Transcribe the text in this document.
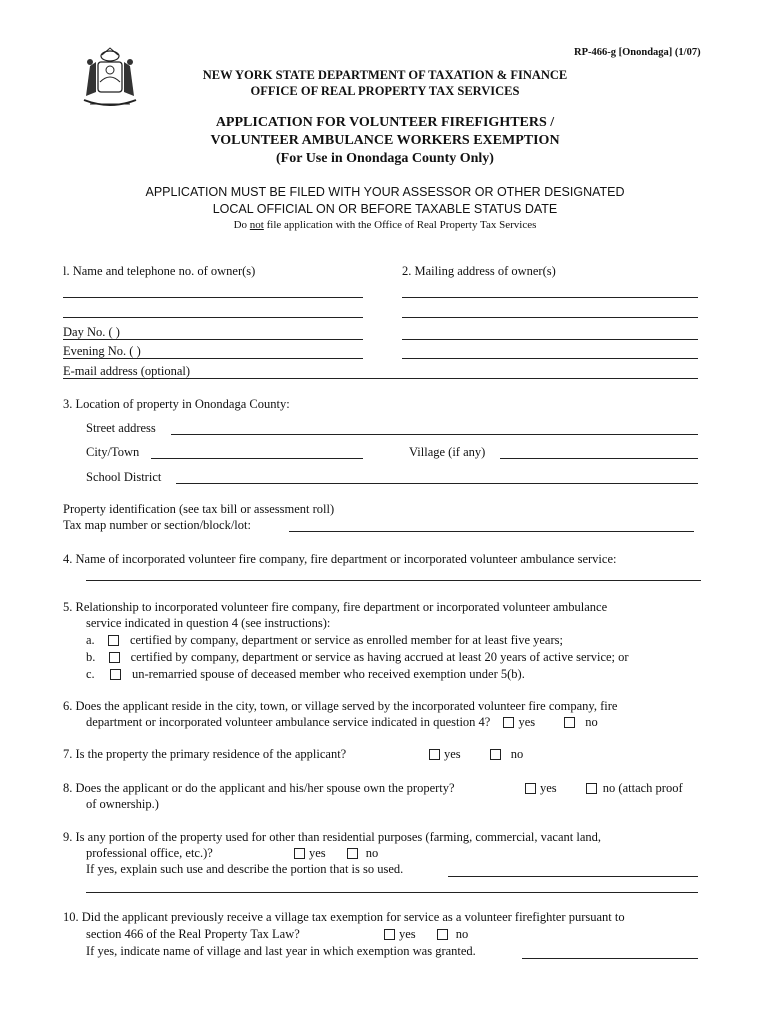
RP-466-g [Onondaga] (1/07)
NEW YORK STATE DEPARTMENT OF TAXATION & FINANCE
OFFICE OF REAL PROPERTY TAX SERVICES
APPLICATION FOR VOLUNTEER FIREFIGHTERS /
VOLUNTEER AMBULANCE WORKERS EXEMPTION
(For Use in Onondaga County Only)
APPLICATION MUST BE FILED WITH YOUR ASSESSOR OR OTHER DESIGNATED
LOCAL OFFICIAL ON OR BEFORE TAXABLE STATUS DATE
Do not file application with the Office of Real Property Tax Services
l. Name and telephone no. of owner(s)	2. Mailing address of owner(s)
Day No. ( )
Evening No. ( )
E-mail address (optional)
3. Location of property in Onondaga County:
Street address
City/Town	Village (if any)
School District
Property identification (see tax bill or assessment roll)
Tax map number or section/block/lot:
4. Name of incorporated volunteer fire company, fire department or incorporated volunteer ambulance service:
5. Relationship to incorporated volunteer fire company, fire department or incorporated volunteer ambulance
service indicated in question 4 (see instructions):
a.	certified by company, department or service as enrolled member for at least five years;
b.	certified by company, department or service as having accrued at least 20 years of active service; or
c.	un-remarried spouse of deceased member who received exemption under 5(b).
6. Does the applicant reside in the city, town, or village served by the incorporated volunteer fire company, fire
department or incorporated volunteer ambulance service indicated in question 4? yes	no
7. Is the property the primary residence of the applicant?	yes	no
8. Does the applicant or do the applicant and his/her spouse own the property?	yes	no (attach proof
of ownership.)
9. Is any portion of the property used for other than residential purposes (farming, commercial, vacant land,
professional office, etc.)?	yes	no
If yes, explain such use and describe the portion that is so used.
10. Did the applicant previously receive a village tax exemption for service as a volunteer firefighter pursuant to
section 466 of the Real Property Tax Law?	yes	no
If yes, indicate name of village and last year in which exemption was granted.
